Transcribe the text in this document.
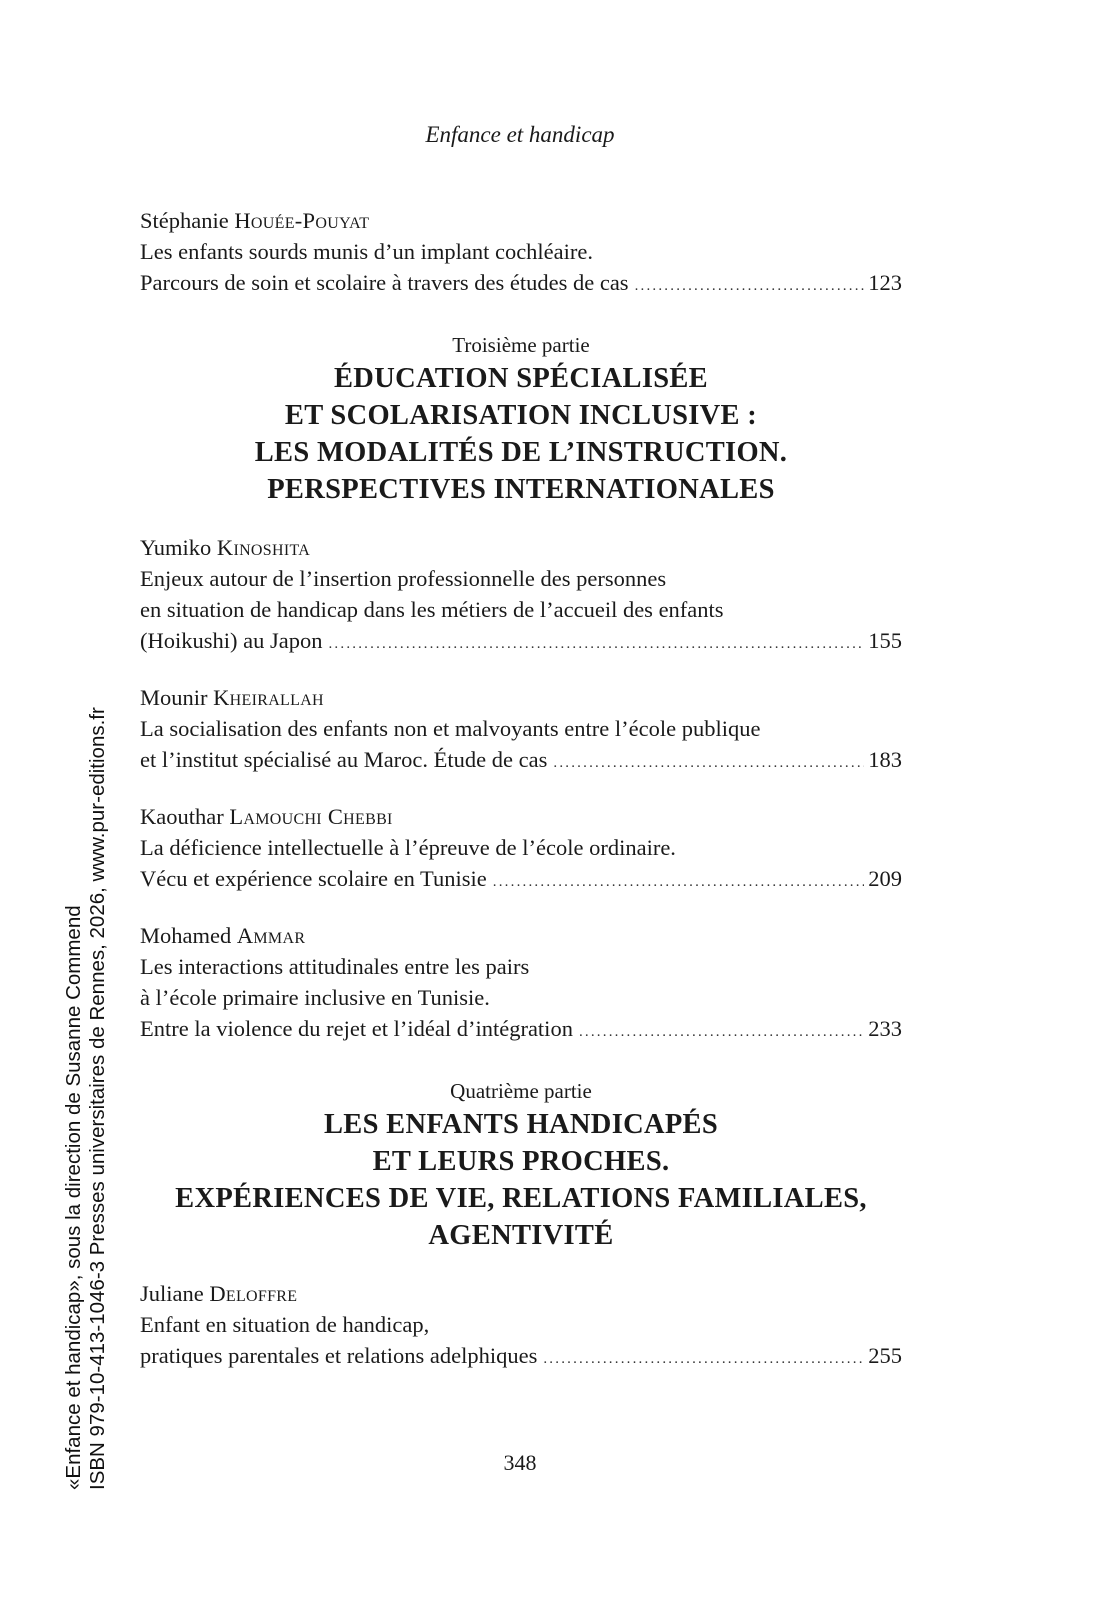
Enfance et handicap
Stéphanie Houée-Pouyat
Les enfants sourds munis d’un implant cochléaire.
Parcours de soin et scolaire à travers des études de cas .....	123
Troisième partie
ÉDUCATION SPÉCIALISÉE
ET SCOLARISATION INCLUSIVE :
LES MODALITÉS DE L’INSTRUCTION.
PERSPECTIVES INTERNATIONALES
Yumiko Kinoshita
Enjeux autour de l’insertion professionnelle des personnes
en situation de handicap dans les métiers de l’accueil des enfants
(Hoikushi) au Japon .....	155
Mounir Kheirallah
La socialisation des enfants non et malvoyants entre l’école publique
et l’institut spécialisé au Maroc. Étude de cas .....	183
Kaouthar Lamouchi Chebbi
La déficience intellectuelle à l’épreuve de l’école ordinaire.
Vécu et expérience scolaire en Tunisie .....	209
Mohamed Ammar
Les interactions attitudinales entre les pairs
à l’école primaire inclusive en Tunisie.
Entre la violence du rejet et l’idéal d’intégration .....	233
Quatrième partie
LES ENFANTS HANDICAPÉS
ET LEURS PROCHES.
EXPÉRIENCES DE VIE, RELATIONS FAMILIALES,
AGENTIVITÉ
Juliane Deloffre
Enfant en situation de handicap,
pratiques parentales et relations adelphiques .....	255
«Enfance et handicap», sous la direction de Susanne Commend ISBN 979-10-413-1046-3 Presses universitaires de Rennes, 2026, www.pur-editions.fr	348
